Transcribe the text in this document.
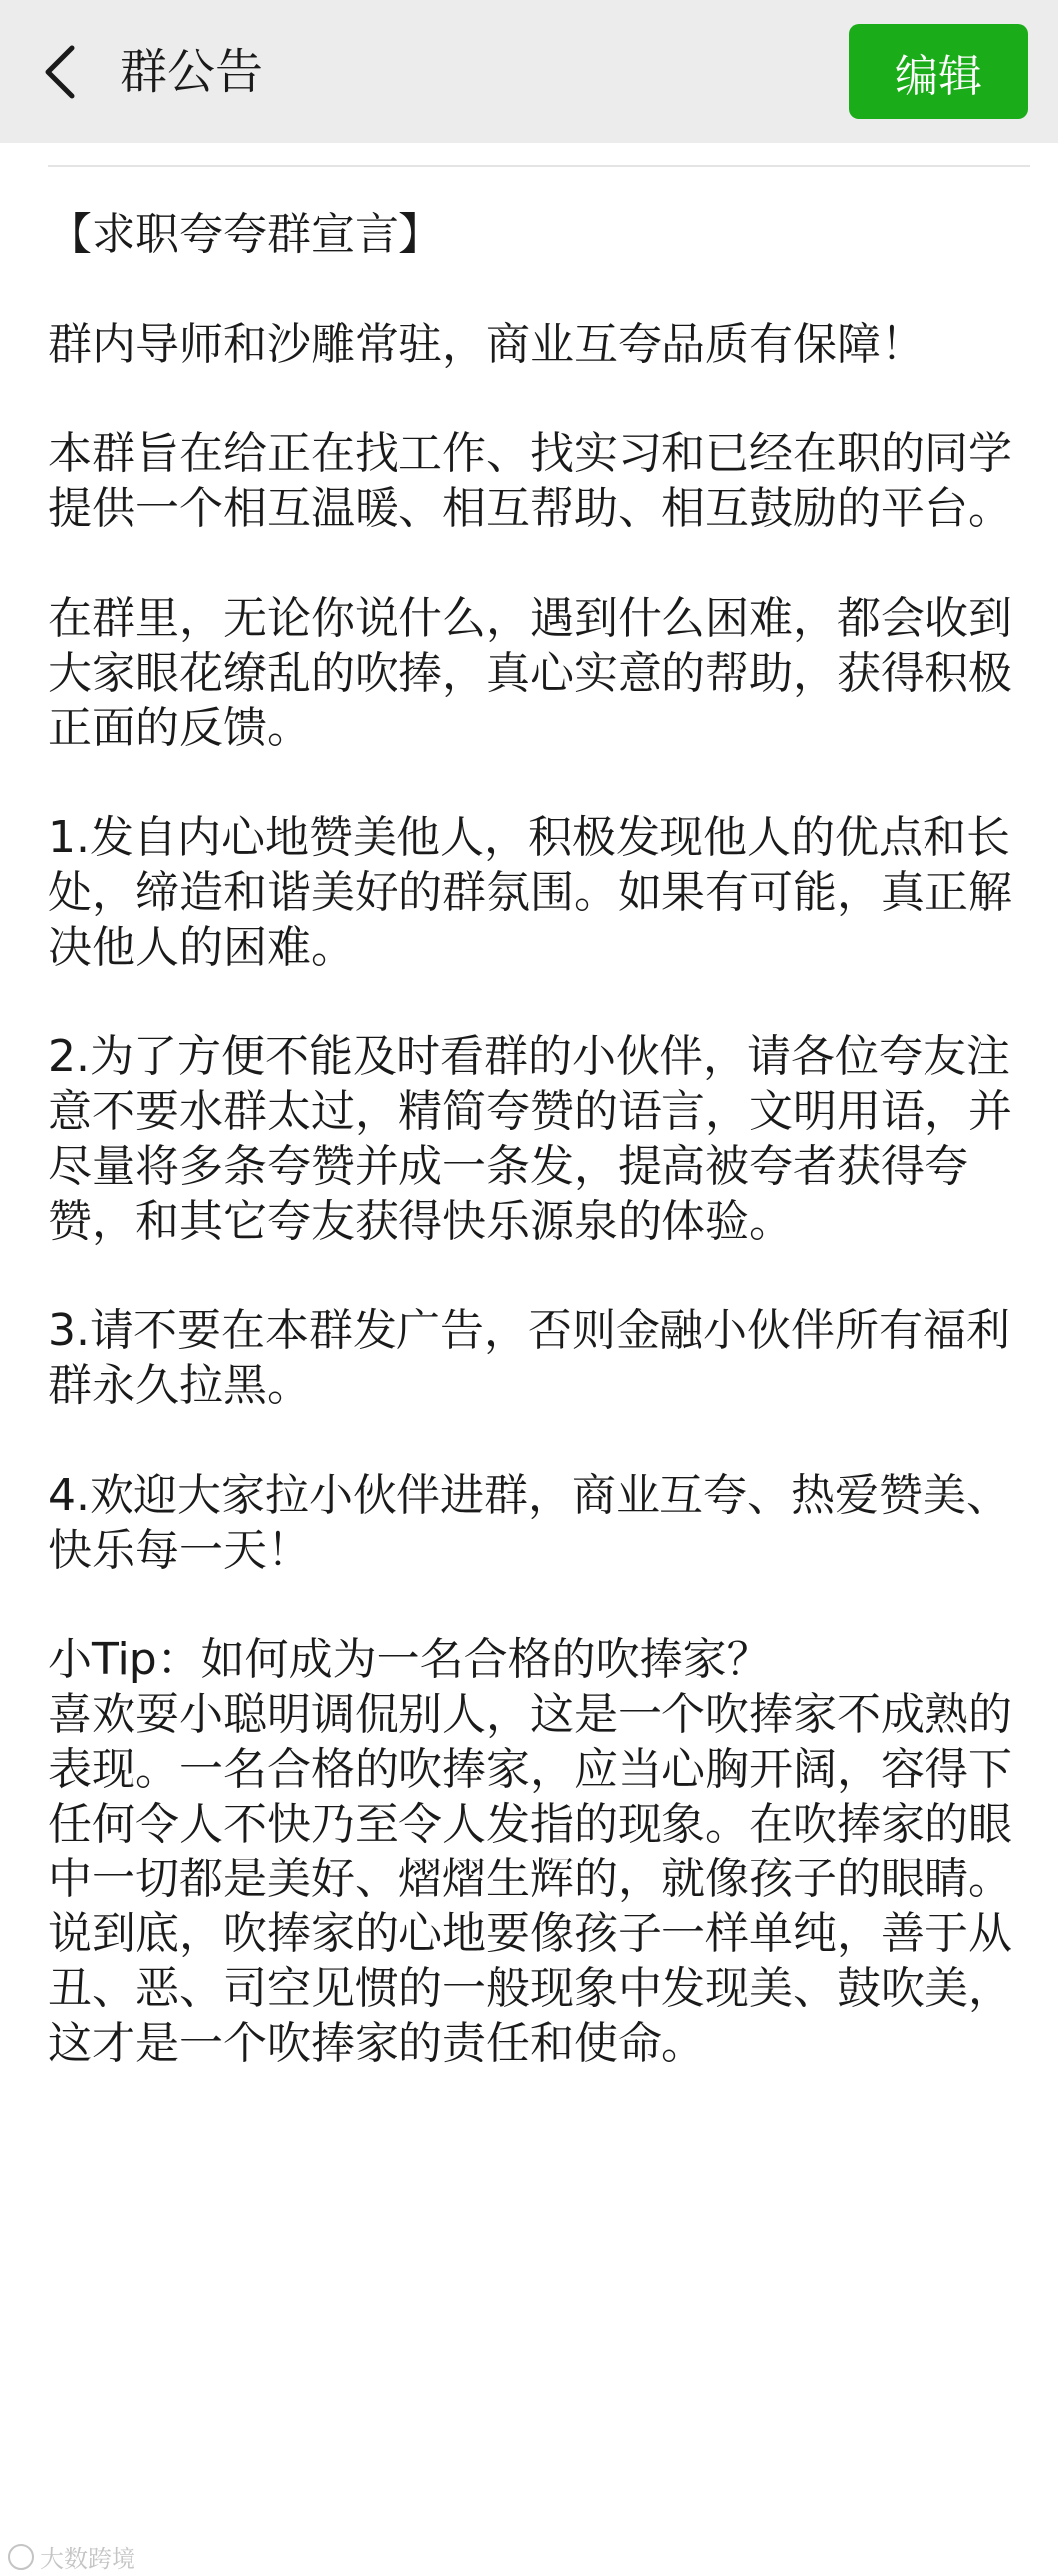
群公告	编辑

【求职夸夸群宣言】

群内导师和沙雕常驻，商业互夸品质有保障！

本群旨在给正在找工作、找实习和已经在职的同学提供一个相互温暖、相互帮助、相互鼓励的平台。

在群里，无论你说什么，遇到什么困难，都会收到大家眼花缭乱的吹捧，真心实意的帮助，获得积极正面的反馈。

1.发自内心地赞美他人，积极发现他人的优点和长处，缔造和谐美好的群氛围。如果有可能，真正解决他人的困难。

2.为了方便不能及时看群的小伙伴，请各位夸友注意不要水群太过，精简夸赞的语言，文明用语，并尽量将多条夸赞并成一条发，提高被夸者获得夸赞，和其它夸友获得快乐源泉的体验。

3.请不要在本群发广告，否则金融小伙伴所有福利群永久拉黑。

4.欢迎大家拉小伙伴进群，商业互夸、热爱赞美、快乐每一天！

小Tip：如何成为一名合格的吹捧家？

喜欢耍小聪明调侃别人，这是一个吹捧家不成熟的表现。一名合格的吹捧家，应当心胸开阔，容得下任何令人不快乃至令人发指的现象。在吹捧家的眼中一切都是美好、熠熠生辉的，就像孩子的眼睛。说到底，吹捧家的心地要像孩子一样单纯，善于从丑、恶、司空见惯的一般现象中发现美、鼓吹美，这才是一个吹捧家的责任和使命。

大数跨境
